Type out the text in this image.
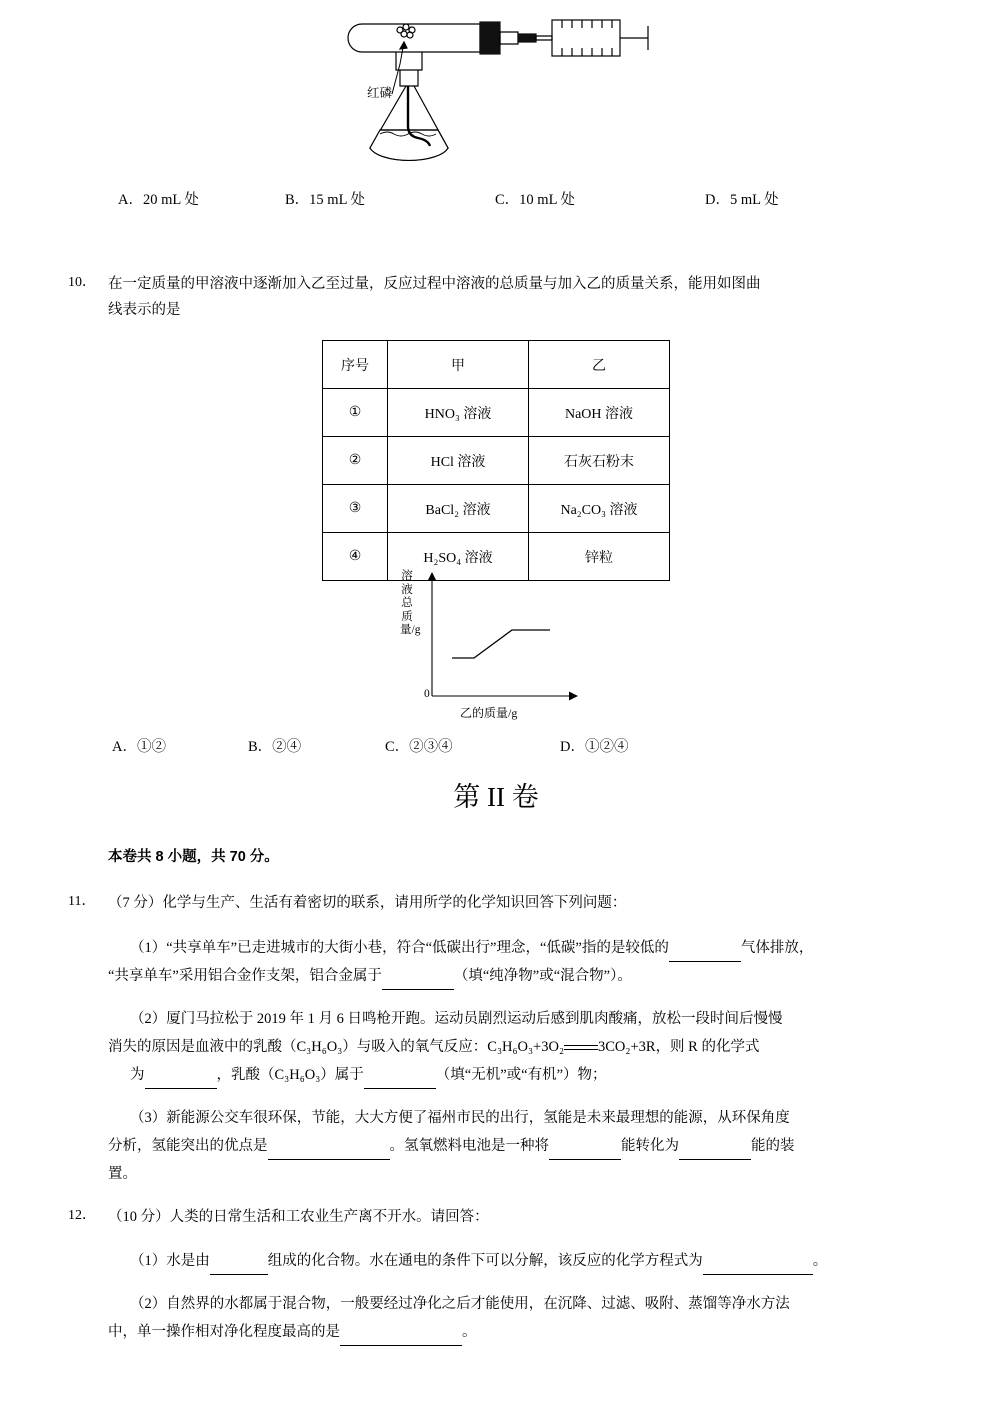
红磷
A．20 mL 处	B．15 mL 处	C．10 mL 处	D．5 mL 处
10． 在一定质量的甲溶液中逐渐加入乙至过量，反应过程中溶液的总质量与加入乙的质量关系，能用如图曲
线表示的是
序号	甲	乙
①	HNO₃ 溶液	NaOH 溶液
②	HCl 溶液	石灰石粉末
③	BaCl₂ 溶液	Na₂CO₃ 溶液
④	H₂SO₄ 溶液	锌粒
溶液总质量/g
0
乙的质量/g
A．①②	B．②④	C．②③④	D．①②④
第 II 卷
本卷共 8 小题，共 70 分。
11． （7 分）化学与生产、生活有着密切的联系，请用所学的化学知识回答下列问题：
（1）“共享单车”已走进城市的大街小巷，符合“低碳出行”理念，“低碳”指的是较低的	气体排放，
“共享单车”采用铝合金作支架，铝合金属于	（填“纯净物”或“混合物”）。
（2）厦门马拉松于 2019 年 1 月 6 日鸣枪开跑。运动员剧烈运动后感到肌肉酸痛，放松一段时间后慢慢
消失的原因是血液中的乳酸（C₃H₆O₃）与吸入的氧气反应：C₃H₆O₃+3O₂ 3CO₂+3R，则 R 的化学式
为	，乳酸（C₃H₆O₃）属于	（填“无机”或“有机”）物；
（3）新能源公交车很环保，节能，大大方便了福州市民的出行，氢能是未来最理想的能源，从环保角度
分析，氢能突出的优点是	。氢氧燃料电池是一种将	能转化为	能的装
置。
12． （10 分）人类的日常生活和工农业生产离不开水。请回答：
（1）水是由	组成的化合物。水在通电的条件下可以分解，该反应的化学方程式为	。
（2）自然界的水都属于混合物，一般要经过净化之后才能使用，在沉降、过滤、吸附、蒸馏等净水方法
中，单一操作相对净化程度最高的是	。
